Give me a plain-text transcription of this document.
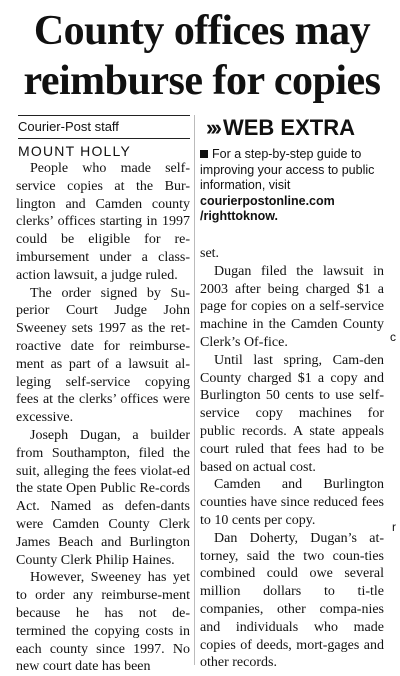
County offices may
reimburse for copies
Courier-Post staff
MOUNT HOLLY

People who made self-service copies at the Bur-lington and Camden county clerks’ offices starting in 1997 could be eligible for re-imbursement under a class-action lawsuit, a judge ruled.

The order signed by Su-perior Court Judge John Sweeney sets 1997 as the ret-roactive date for reimburse-ment as part of a lawsuit al-leging self-service copying fees at the clerks’ offices were excessive.

Joseph Dugan, a builder from Southampton, filed the suit, alleging the fees violat-ed the state Open Public Re-cords Act. Named as defen-dants were Camden County Clerk James Beach and Burlington County Clerk Philip Haines.

However, Sweeney has yet to order any reimburse-ment because he has not de-termined the copying costs in each county since 1997. No new court date has been

››› WEB EXTRA
For a step-by-step guide to improving your access to public information, visit
courierpostonline.com
/righttoknow.

set.

Dugan filed the lawsuit in 2003 after being charged $1 a page for copies on a self-service machine in the Camden County Clerk’s Of-fice.

Until last spring, Cam-den County charged $1 a copy and Burlington 50 cents to use self-service copy machines for public records. A state appeals court ruled that fees had to be based on actual cost.

Camden and Burlington counties have since reduced fees to 10 cents per copy.

Dan Doherty, Dugan’s at-torney, said the two coun-ties combined could owe several million dollars to ti-tle companies, other compa-nies and individuals who made copies of deeds, mort-gages and other records.

c
r
